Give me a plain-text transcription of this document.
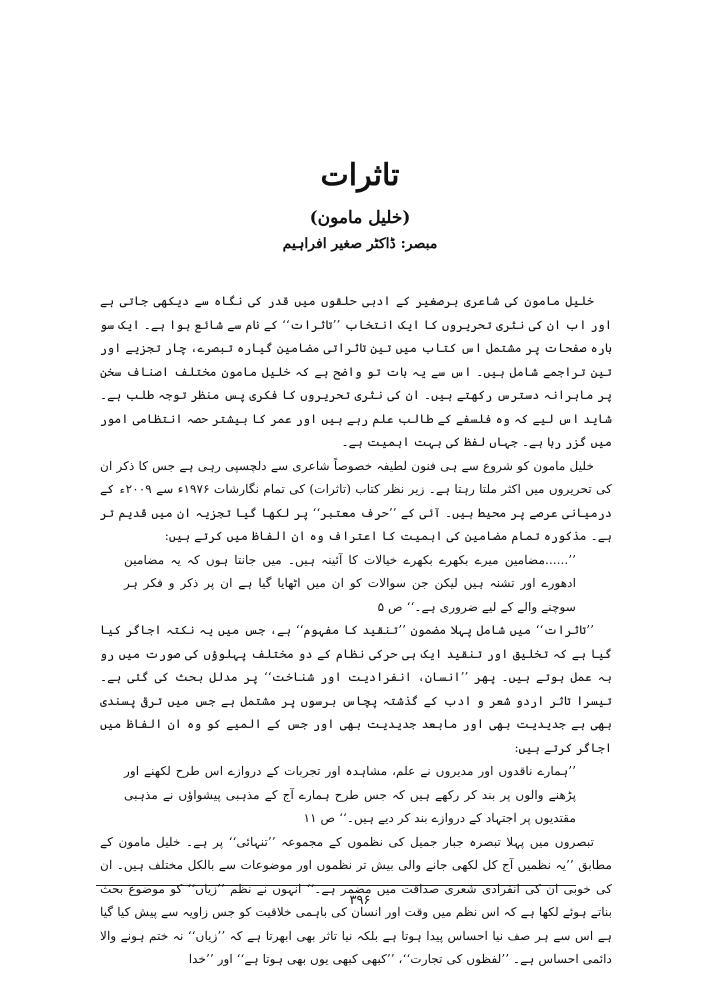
تاثرات
(خلیل مامون)
مبصر: ڈاکٹر صغیر افراہیم

خلیل مامون کی شاعری برصغیر کے ادبی حلقوں میں قدر کی نگاہ سے دیکھی جاتی ہے اور اب ان کی نثری تحریروں کا ایک انتخاب ’’تاثرات‘‘ کے نام سے شائع ہوا ہے۔ ایک سو بارہ صفحات پر مشتمل اس کتاب میں تین تاثراتی مضامین گیارہ تبصرے، چار تجزیے اور تین تراجمے شامل ہیں۔ اس سے یہ بات تو واضح ہے کہ خلیل مامون مختلف اصناف سخن پر ماہرانہ دسترس رکھتے ہیں۔ ان کی نثری تحریروں کا فکری پس منظر توجہ طلب ہے۔ شاید اس لیے کہ وہ فلسفے کے طالب علم رہے ہیں اور عمر کا بیشتر حصہ انتظامی امور میں گزر رہا ہے۔ جہاں لفظ کی بہت اہمیت ہے۔

خلیل مامون کو شروع سے ہی فنون لطیفہ خصوصاً شاعری سے دلچسپی رہی ہے جس کا ذکر ان کی تحریروں میں اکثر ملتا رہتا ہے۔ زیر نظر کتاب (تاثرات) کی تمام نگارشات ۱۹۷۶ء سے ۲۰۰۹ء کے درمیانی عرصے پر محیط ہیں۔ آئی کے ’’حرف معتبر‘‘ پر لکھا گیا تجزیہ ان میں قدیم تر ہے۔ مذکورہ تمام مضامین کی اہمیت کا اعتراف وہ ان الفاظ میں کرتے ہیں:

’’......مضامین میرے بکھرے بکھرے خیالات کا آئینہ ہیں۔ میں جانتا ہوں کہ یہ مضامین ادھورے اور تشنہ ہیں لیکن جن سوالات کو ان میں اٹھایا گیا ہے ان پر ذکر و فکر ہر سوچنے والے کے لیے ضروری ہے۔‘‘ ص ۵

’’تاثرات‘‘ میں شامل پہلا مضمون ’’تنقید کا مفہوم‘‘ ہے، جس میں یہ نکتہ اجاگر کیا گیا ہے کہ تخلیق اور تنقید ایک ہی حرکی نظام کے دو مختلف پہلوؤں کی صورت میں رو بہ عمل ہوتے ہیں۔ پھر ’’انسان، انفرادیت اور شناخت‘‘ پر مدلل بحث کی گئی ہے۔ تیسرا تاثر اردو شعر و ادب کے گذشتہ پچاس برسوں پر مشتمل ہے جس میں ترقی پسندی بھی ہے جدیدیت بھی اور مابعد جدیدیت بھی اور جس کے المیے کو وہ ان الفاظ میں اجاگر کرتے ہیں:

’’ہمارے ناقدوں اور مدیروں نے علم، مشاہدہ اور تجربات کے دروازے اس طرح لکھنے اور پڑھنے والوں پر بند کر رکھے ہیں کہ جس طرح ہمارے آج کے مذہبی پیشواؤں نے مذہبی مقتدیوں پر اجتہاد کے دروازے بند کر دیے ہیں۔‘‘ ص ۱۱

تبصروں میں پہلا تبصرہ جبار جمیل کی نظموں کے مجموعہ ’’تنہائی‘‘ پر ہے۔ خلیل مامون کے مطابق ’’یہ نظمیں آج کل لکھی جانے والی بیش تر نظموں اور موضوعات سے بالکل مختلف ہیں۔ ان کی خوبی ان کی انفرادی شعری صداقت میں مضمر ہے۔‘‘ انہوں نے نظم ’’زیاں‘‘ کو موضوع بحث بناتے ہوئے لکھا ہے کہ اس نظم میں وقت اور انسان کی باہمی خلاقیت کو جس زاویہ سے پیش کیا گیا ہے اس سے ہر صف نیا احساس پیدا ہوتا ہے بلکہ نیا تاثر بھی ابھرتا ہے کہ ’’زیاں‘‘ نہ ختم ہونے والا دائمی احساس ہے۔ ’’لفظوں کی تجارت‘‘، ’’کبھی کبھی یوں بھی ہوتا ہے‘‘ اور ’’خدا

۳۹۶
